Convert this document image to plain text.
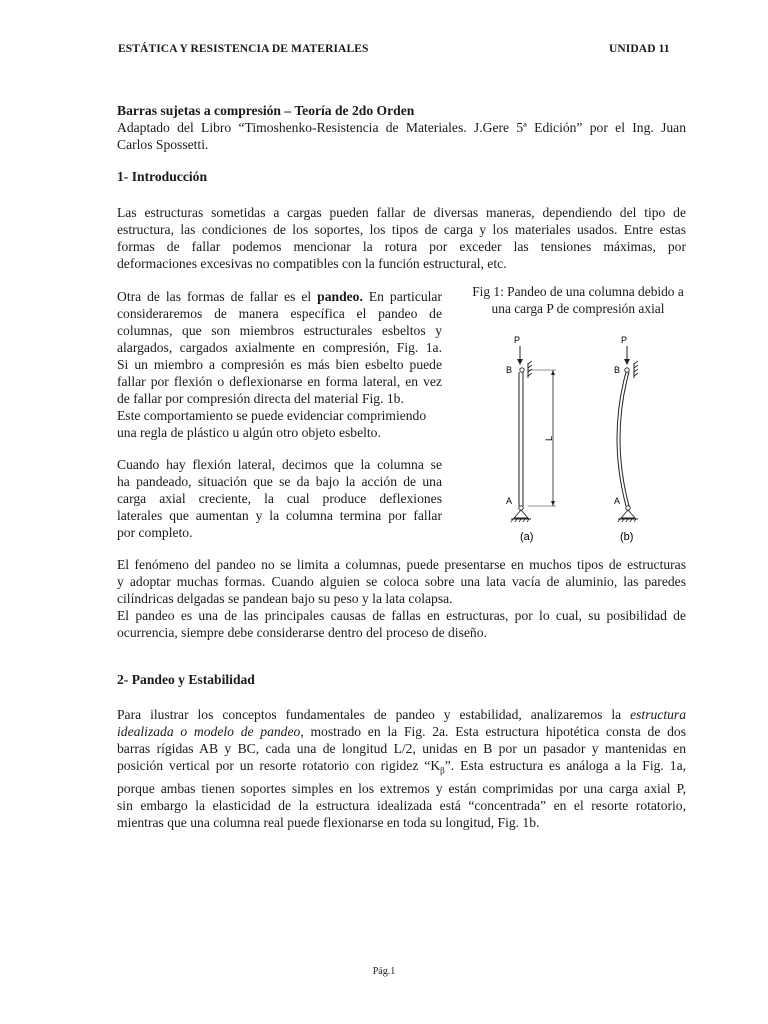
ESTÁTICA Y RESISTENCIA DE MATERIALES	UNIDAD 11

Barras sujetas a compresión – Teoría de 2do Orden

Adaptado del Libro “Timoshenko-Resistencia de Materiales. J.Gere 5ª Edición” por el Ing. Juan

Carlos Spossetti.

1- Introducción

Las estructuras sometidas a cargas pueden fallar de diversas maneras, dependiendo del tipo de

estructura, las condiciones de los soportes, los tipos de carga y los materiales usados. Entre estas

formas de fallar podemos mencionar la rotura por exceder las tensiones máximas, por

deformaciones excesivas no compatibles con la función estructural, etc.

Otra de las formas de fallar es el pandeo. En particular

consideraremos de manera específica el pandeo de

columnas, que son miembros estructurales esbeltos y

alargados, cargados axialmente en compresión, Fig. 1a.

Si un miembro a compresión es más bien esbelto puede

fallar por flexión o deflexionarse en forma lateral, en vez

de fallar por compresión directa del material Fig. 1b.

Este comportamiento se puede evidenciar comprimiendo

una regla de plástico u algún otro objeto esbelto.

Cuando hay flexión lateral, decimos que la columna se

ha pandeado, situación que se da bajo la acción de una

carga axial creciente, la cual produce deflexiones

laterales que aumentan y la columna termina por fallar

por completo.

Fig 1: Pandeo de una columna debido a

una carga P de compresión axial

P
B
L
A
P
B
A
(a)	(b)

El fenómeno del pandeo no se limita a columnas, puede presentarse en muchos tipos de estructuras

y adoptar muchas formas. Cuando alguien se coloca sobre una lata vacía de aluminio, las paredes

cilíndricas delgadas se pandean bajo su peso y la lata colapsa.

El pandeo es una de las principales causas de fallas en estructuras, por lo cual, su posibilidad de

ocurrencia, siempre debe considerarse dentro del proceso de diseño.

2- Pandeo y Estabilidad

Para ilustrar los conceptos fundamentales de pandeo y estabilidad, analizaremos la estructura

idealizada o modelo de pandeo, mostrado en la Fig. 2a. Esta estructura hipotética consta de dos

barras rígidas AB y BC, cada una de longitud L/2, unidas en B por un pasador y mantenidas en

posición vertical por un resorte rotatorio con rigidez “$K_\beta$”. Esta estructura es análoga a la Fig. 1a,

porque ambas tienen soportes simples en los extremos y están comprimidas por una carga axial P,

sin embargo la elasticidad de la estructura idealizada está “concentrada” en el resorte rotatorio,

mientras que una columna real puede flexionarse en toda su longitud, Fig. 1b.

Pág.1
